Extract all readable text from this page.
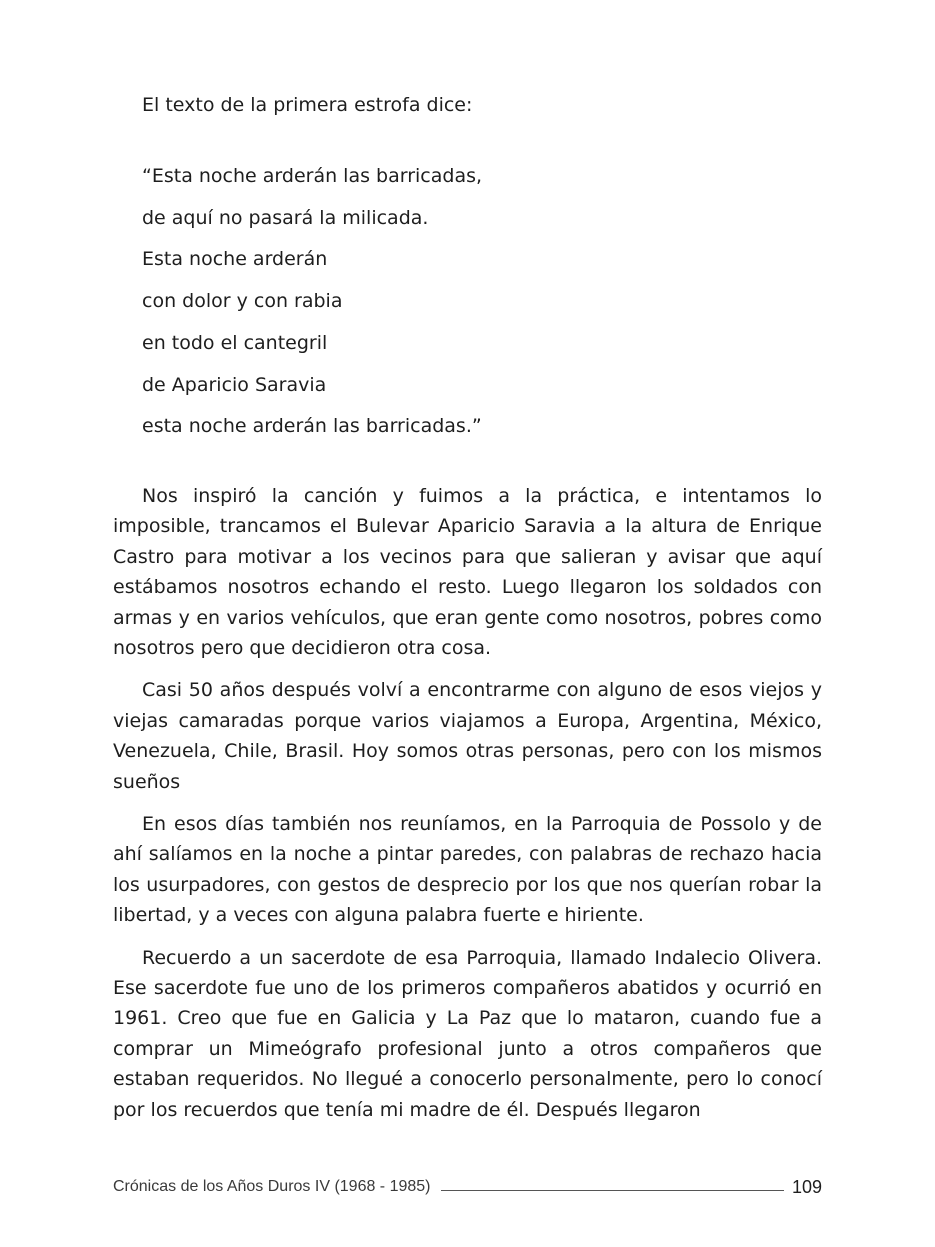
El texto de la primera estrofa dice:

“Esta noche arderán las barricadas,
de aquí no pasará la milicada.
Esta noche arderán
con dolor y con rabia
en todo el cantegril
de Aparicio Saravia
esta noche arderán las barricadas.”

Nos inspiró la canción y fuimos a la práctica, e intentamos lo imposible, trancamos el Bulevar Aparicio Saravia a la altura de Enrique Castro para motivar a los vecinos para que salieran y avisar que aquí estábamos nosotros echando el resto. Luego llegaron los soldados con armas y en varios vehículos, que eran gente como nosotros, pobres como nosotros pero que decidieron otra cosa.

Casi 50 años después volví a encontrarme con alguno de esos viejos y viejas camaradas porque varios viajamos a Europa, Argentina, México, Venezuela, Chile, Brasil. Hoy somos otras personas, pero con los mismos sueños

En esos días también nos reuníamos, en la Parroquia de Possolo y de ahí salíamos en la noche a pintar paredes, con palabras de rechazo hacia los usurpadores, con gestos de desprecio por los que nos querían robar la libertad, y a veces con alguna palabra fuerte e hiriente.

Recuerdo a un sacerdote de esa Parroquia, llamado Indalecio Olivera. Ese sacerdote fue uno de los primeros compañeros abatidos y ocurrió en 1961. Creo que fue en Galicia y La Paz que lo mataron, cuando fue a comprar un Mimeógrafo profesional junto a otros compañeros que estaban requeridos. No llegué a conocerlo personalmente, pero lo conocí por los recuerdos que tenía mi madre de él. Después llegaron

Crónicas de los Años Duros IV (1968 - 1985)	109
